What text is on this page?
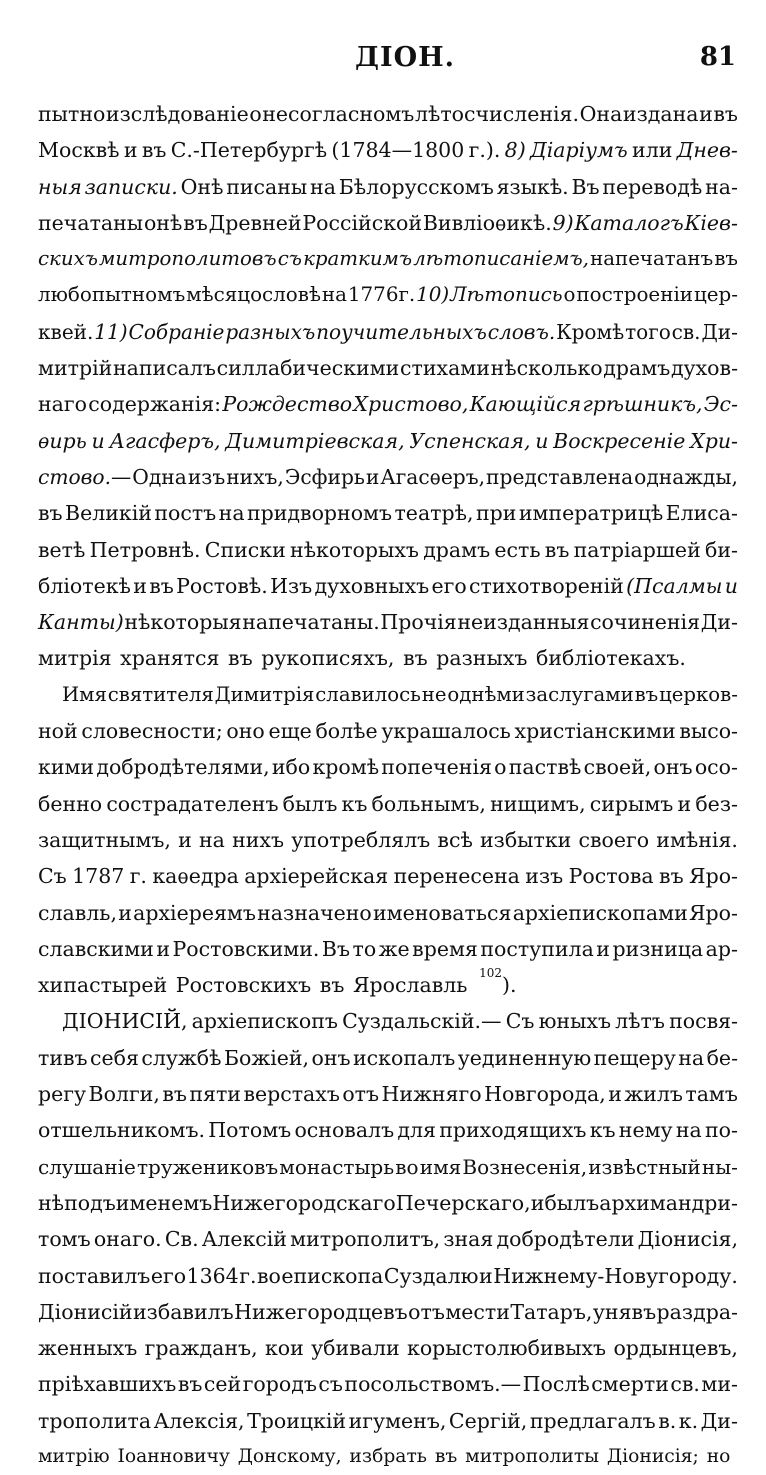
ДІОН.	81
пытно изслѣдованіе о несогласномъ лѣтосчисленія. Она издана и въ
Москвѣ и въ С.-Петербургѣ (1784—1800 г.). 8) Діаріумъ или Днев-
ныя записки. Онѣ писаны на Бѣлорусскомъ языкѣ. Въ переводѣ на-
печатаны онѣ въ Древней Россійской Вивліоѳикѣ. 9) Каталогъ Кіев-
скихъ митрополитовъ съ краткимъ лѣтописаніемъ, напечатанъ въ
любопытномъ мѣсяцословѣ на 1776г. 10) Лѣтопись о построеніи цер-
квей. 11) Собраніе разныхъ поучительныхъ словъ. Кромѣ того св. Ди-
митрій написалъ силлабическими стихами нѣсколько драмъ духов-
наго содержанія: Рождество Христово, Кающійся грѣшникъ, Эс-
ѳирь и Агасферъ, Димитріевская, Успенская, и Воскресеніе Хри-
стово.— Одна изъ нихъ, Эсфирь и Агасѳеръ, представлена однажды,
въ Великій постъ на придворномъ театрѣ, при императрицѣ Елиса-
ветѣ Петровнѣ. Списки нѣкоторыхъ драмъ есть въ патріаршей би-
бліотекѣ и въ Ростовѣ. Изъ духовныхъ его стихотвореній (Псалмы и
Канты) нѣкоторыя напечатаны. Прочія неизданныя сочиненія Ди-
митрія хранятся въ рукописяхъ, въ разныхъ библіотекахъ.
Имя святителя Димитрія славилось не однѣми заслугами въ церков-
ной словесности; оно еще болѣе украшалось христіанскими высо-
кими добродѣтелями, ибо кромѣ попеченія о паствѣ своей, онъ осо-
бенно сострадателенъ былъ къ больнымъ, нищимъ, сирымъ и без-
защитнымъ, и на нихъ употреблялъ всѣ избытки своего имѣнія.
Съ 1787 г. каѳедра архіерейская перенесена изъ Ростова въ Яро-
славль, и архіереямъ назначено именоваться архіепископами Яро-
славскими и Ростовскими. Въ то же время поступила и ризница ар-
хипастырей Ростовскихъ въ Ярославль $^{102}$).
ДІОНИСІЙ, архіепископъ Суздальскій.— Съ юныхъ лѣтъ посвя-
тивъ себя службѣ Божіей, онъ ископалъ уединенную пещеру на бе-
регу Волги, въ пяти верстахъ отъ Нижняго Новгорода, и жилъ тамъ
отшельникомъ. Потомъ основалъ для приходящихъ къ нему на по-
слушаніе тружениковъ монастырь во имя Вознесенія, извѣстный ны-
нѣ подъ именемъ Нижегородскаго Печерскаго, и былъ архимандри-
томъ онаго. Св. Алексій митрополитъ, зная добродѣтели Діонисія,
поставилъ его 1364 г. во епископа Суздалю и Нижнему-Новугороду.
Діонисій избавилъ Нижегородцевъ отъ мести Татаръ, унявъ раздра-
женныхъ гражданъ, кои убивали корыстолюбивыхъ ордынцевъ,
пріѣхавшихъ въ сей городъ съ посольствомъ.— Послѣ смерти св. ми-
трополита Алексія, Троицкій игуменъ, Сергій, предлагалъ в. к. Ди-
митрію Іоанновичу Донскому, избрать въ митрополиты Діонисія; но
